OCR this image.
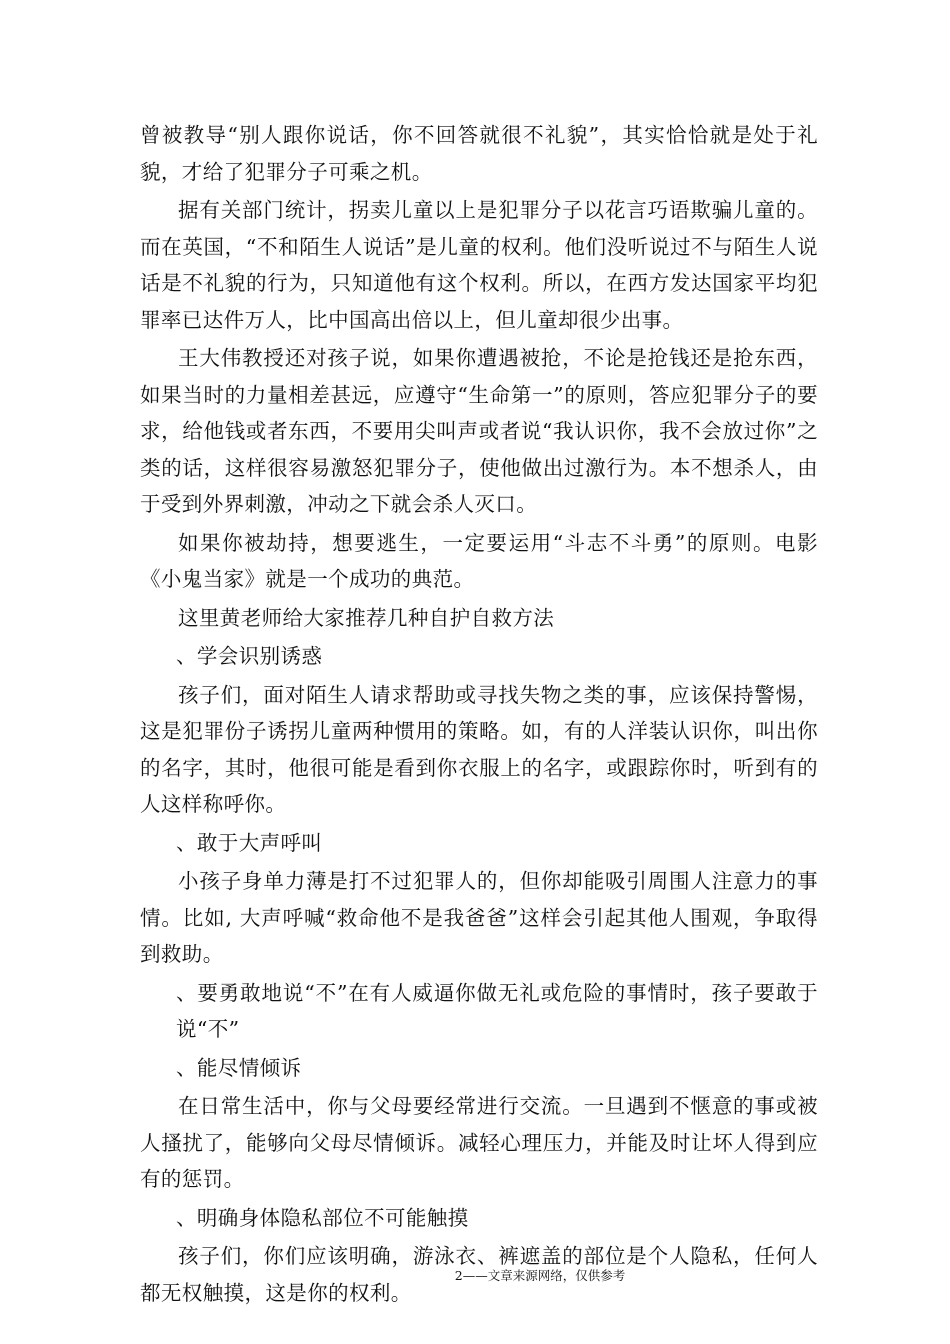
曾被教导“别人跟你说话，你不回答就很不礼貌”，其实恰恰就是处于礼貌，才给了犯罪分子可乘之机。

据有关部门统计，拐卖儿童以上是犯罪分子以花言巧语欺骗儿童的。而在英国，“不和陌生人说话”是儿童的权利。他们没听说过不与陌生人说话是不礼貌的行为，只知道他有这个权利。所以，在西方发达国家平均犯罪率已达件万人，比中国高出倍以上，但儿童却很少出事。

王大伟教授还对孩子说，如果你遭遇被抢，不论是抢钱还是抢东西，如果当时的力量相差甚远，应遵守“生命第一”的原则，答应犯罪分子的要求，给他钱或者东西，不要用尖叫声或者说“我认识你，我不会放过你”之类的话，这样很容易激怒犯罪分子，使他做出过激行为。本不想杀人，由于受到外界刺激，冲动之下就会杀人灭口。

如果你被劫持，想要逃生，一定要运用“斗志不斗勇”的原则。电影《小鬼当家》就是一个成功的典范。

这里黄老师给大家推荐几种自护自救方法

、学会识别诱惑

孩子们，面对陌生人请求帮助或寻找失物之类的事，应该保持警惕，这是犯罪份子诱拐儿童两种惯用的策略。如，有的人洋装认识你，叫出你的名字，其时，他很可能是看到你衣服上的名字，或跟踪你时，听到有的人这样称呼你。

、敢于大声呼叫

小孩子身单力薄是打不过犯罪人的，但你却能吸引周围人注意力的事情。比如, 大声呼喊“救命他不是我爸爸”这样会引起其他人围观，争取得到救助。

、要勇敢地说“不”在有人威逼你做无礼或危险的事情时，孩子要敢于说“不”

、能尽情倾诉

在日常生活中，你与父母要经常进行交流。一旦遇到不惬意的事或被人搔扰了，能够向父母尽情倾诉。减轻心理压力，并能及时让坏人得到应有的惩罚。

、明确身体隐私部位不可能触摸

孩子们，你们应该明确，游泳衣、裤遮盖的部位是个人隐私，任何人都无权触摸，这是你的权利。

2——文章来源网络，仅供参考
